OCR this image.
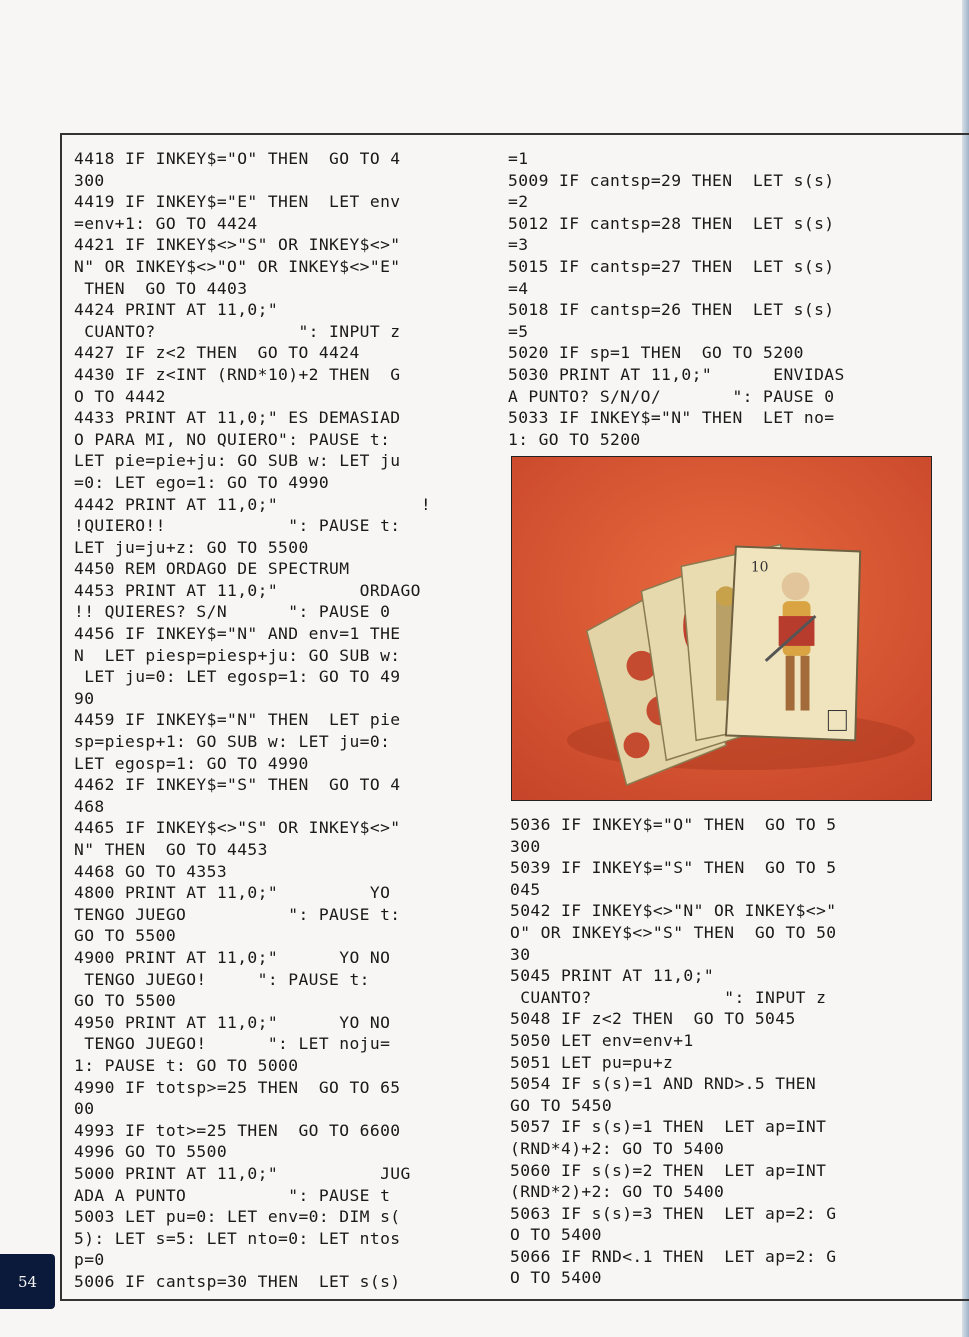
4418 IF INKEY$="O" THEN  GO TO 4
300
4419 IF INKEY$="E" THEN  LET env
=env+1: GO TO 4424
4421 IF INKEY$<>"S" OR INKEY$<>"
N" OR INKEY$<>"O" OR INKEY$<>"E"
THEN  GO TO 4403
4424 PRINT AT 11,0;"
CUANTO?              ": INPUT z
4427 IF z<2 THEN  GO TO 4424
4430 IF z<INT (RND*10)+2 THEN  G
O TO 4442
4433 PRINT AT 11,0;" ES DEMASIAD
O PARA MI, NO QUIERO": PAUSE t:
LET pie=pie+ju: GO SUB w: LET ju
=0: LET ego=1: GO TO 4990
4442 PRINT AT 11,0;"              !
!QUIERO!!            ": PAUSE t:
LET ju=ju+z: GO TO 5500
4450 REM ORDAGO DE SPECTRUM
4453 PRINT AT 11,0;"        ORDAGO
!! QUIERES? S/N      ": PAUSE 0
4456 IF INKEY$="N" AND env=1 THE
N  LET piesp=piesp+ju: GO SUB w:
LET ju=0: LET egosp=1: GO TO 49
90
4459 IF INKEY$="N" THEN  LET pie
sp=piesp+1: GO SUB w: LET ju=0:
LET egosp=1: GO TO 4990
4462 IF INKEY$="S" THEN  GO TO 4
468
4465 IF INKEY$<>"S" OR INKEY$<>"
N" THEN  GO TO 4453
4468 GO TO 4353
4800 PRINT AT 11,0;"         YO
TENGO JUEGO          ": PAUSE t:
GO TO 5500
4900 PRINT AT 11,0;"      YO NO
TENGO JUEGO!     ": PAUSE t:
GO TO 5500
4950 PRINT AT 11,0;"      YO NO
TENGO JUEGO!      ": LET noju=
1: PAUSE t: GO TO 5000
4990 IF totsp>=25 THEN  GO TO 65
00
4993 IF tot>=25 THEN  GO TO 6600
4996 GO TO 5500
5000 PRINT AT 11,0;"          JUG
ADA A PUNTO          ": PAUSE t
5003 LET pu=0: LET env=0: DIM s(
5): LET s=5: LET nto=0: LET ntos
p=0
5006 IF cantsp=30 THEN  LET s(s)
=1
5009 IF cantsp=29 THEN  LET s(s)
=2
5012 IF cantsp=28 THEN  LET s(s)
=3
5015 IF cantsp=27 THEN  LET s(s)
=4
5018 IF cantsp=26 THEN  LET s(s)
=5
5020 IF sp=1 THEN  GO TO 5200
5030 PRINT AT 11,0;"      ENVIDAS
A PUNTO? S/N/O/       ": PAUSE 0
5033 IF INKEY$="N" THEN  LET no=
1: GO TO 5200
5036 IF INKEY$="O" THEN  GO TO 5
300
5039 IF INKEY$="S" THEN  GO TO 5
045
5042 IF INKEY$<>"N" OR INKEY$<>"
O" OR INKEY$<>"S" THEN  GO TO 50
30
5045 PRINT AT 11,0;"
CUANTO?             ": INPUT z
5048 IF z<2 THEN  GO TO 5045
5050 LET env=env+1
5051 LET pu=pu+z
5054 IF s(s)=1 AND RND>.5 THEN
GO TO 5450
5057 IF s(s)=1 THEN  LET ap=INT
(RND*4)+2: GO TO 5400
5060 IF s(s)=2 THEN  LET ap=INT
(RND*2)+2: GO TO 5400
5063 IF s(s)=3 THEN  LET ap=2: G
O TO 5400
5066 IF RND<.1 THEN  LET ap=2: G
O TO 5400
10
54
